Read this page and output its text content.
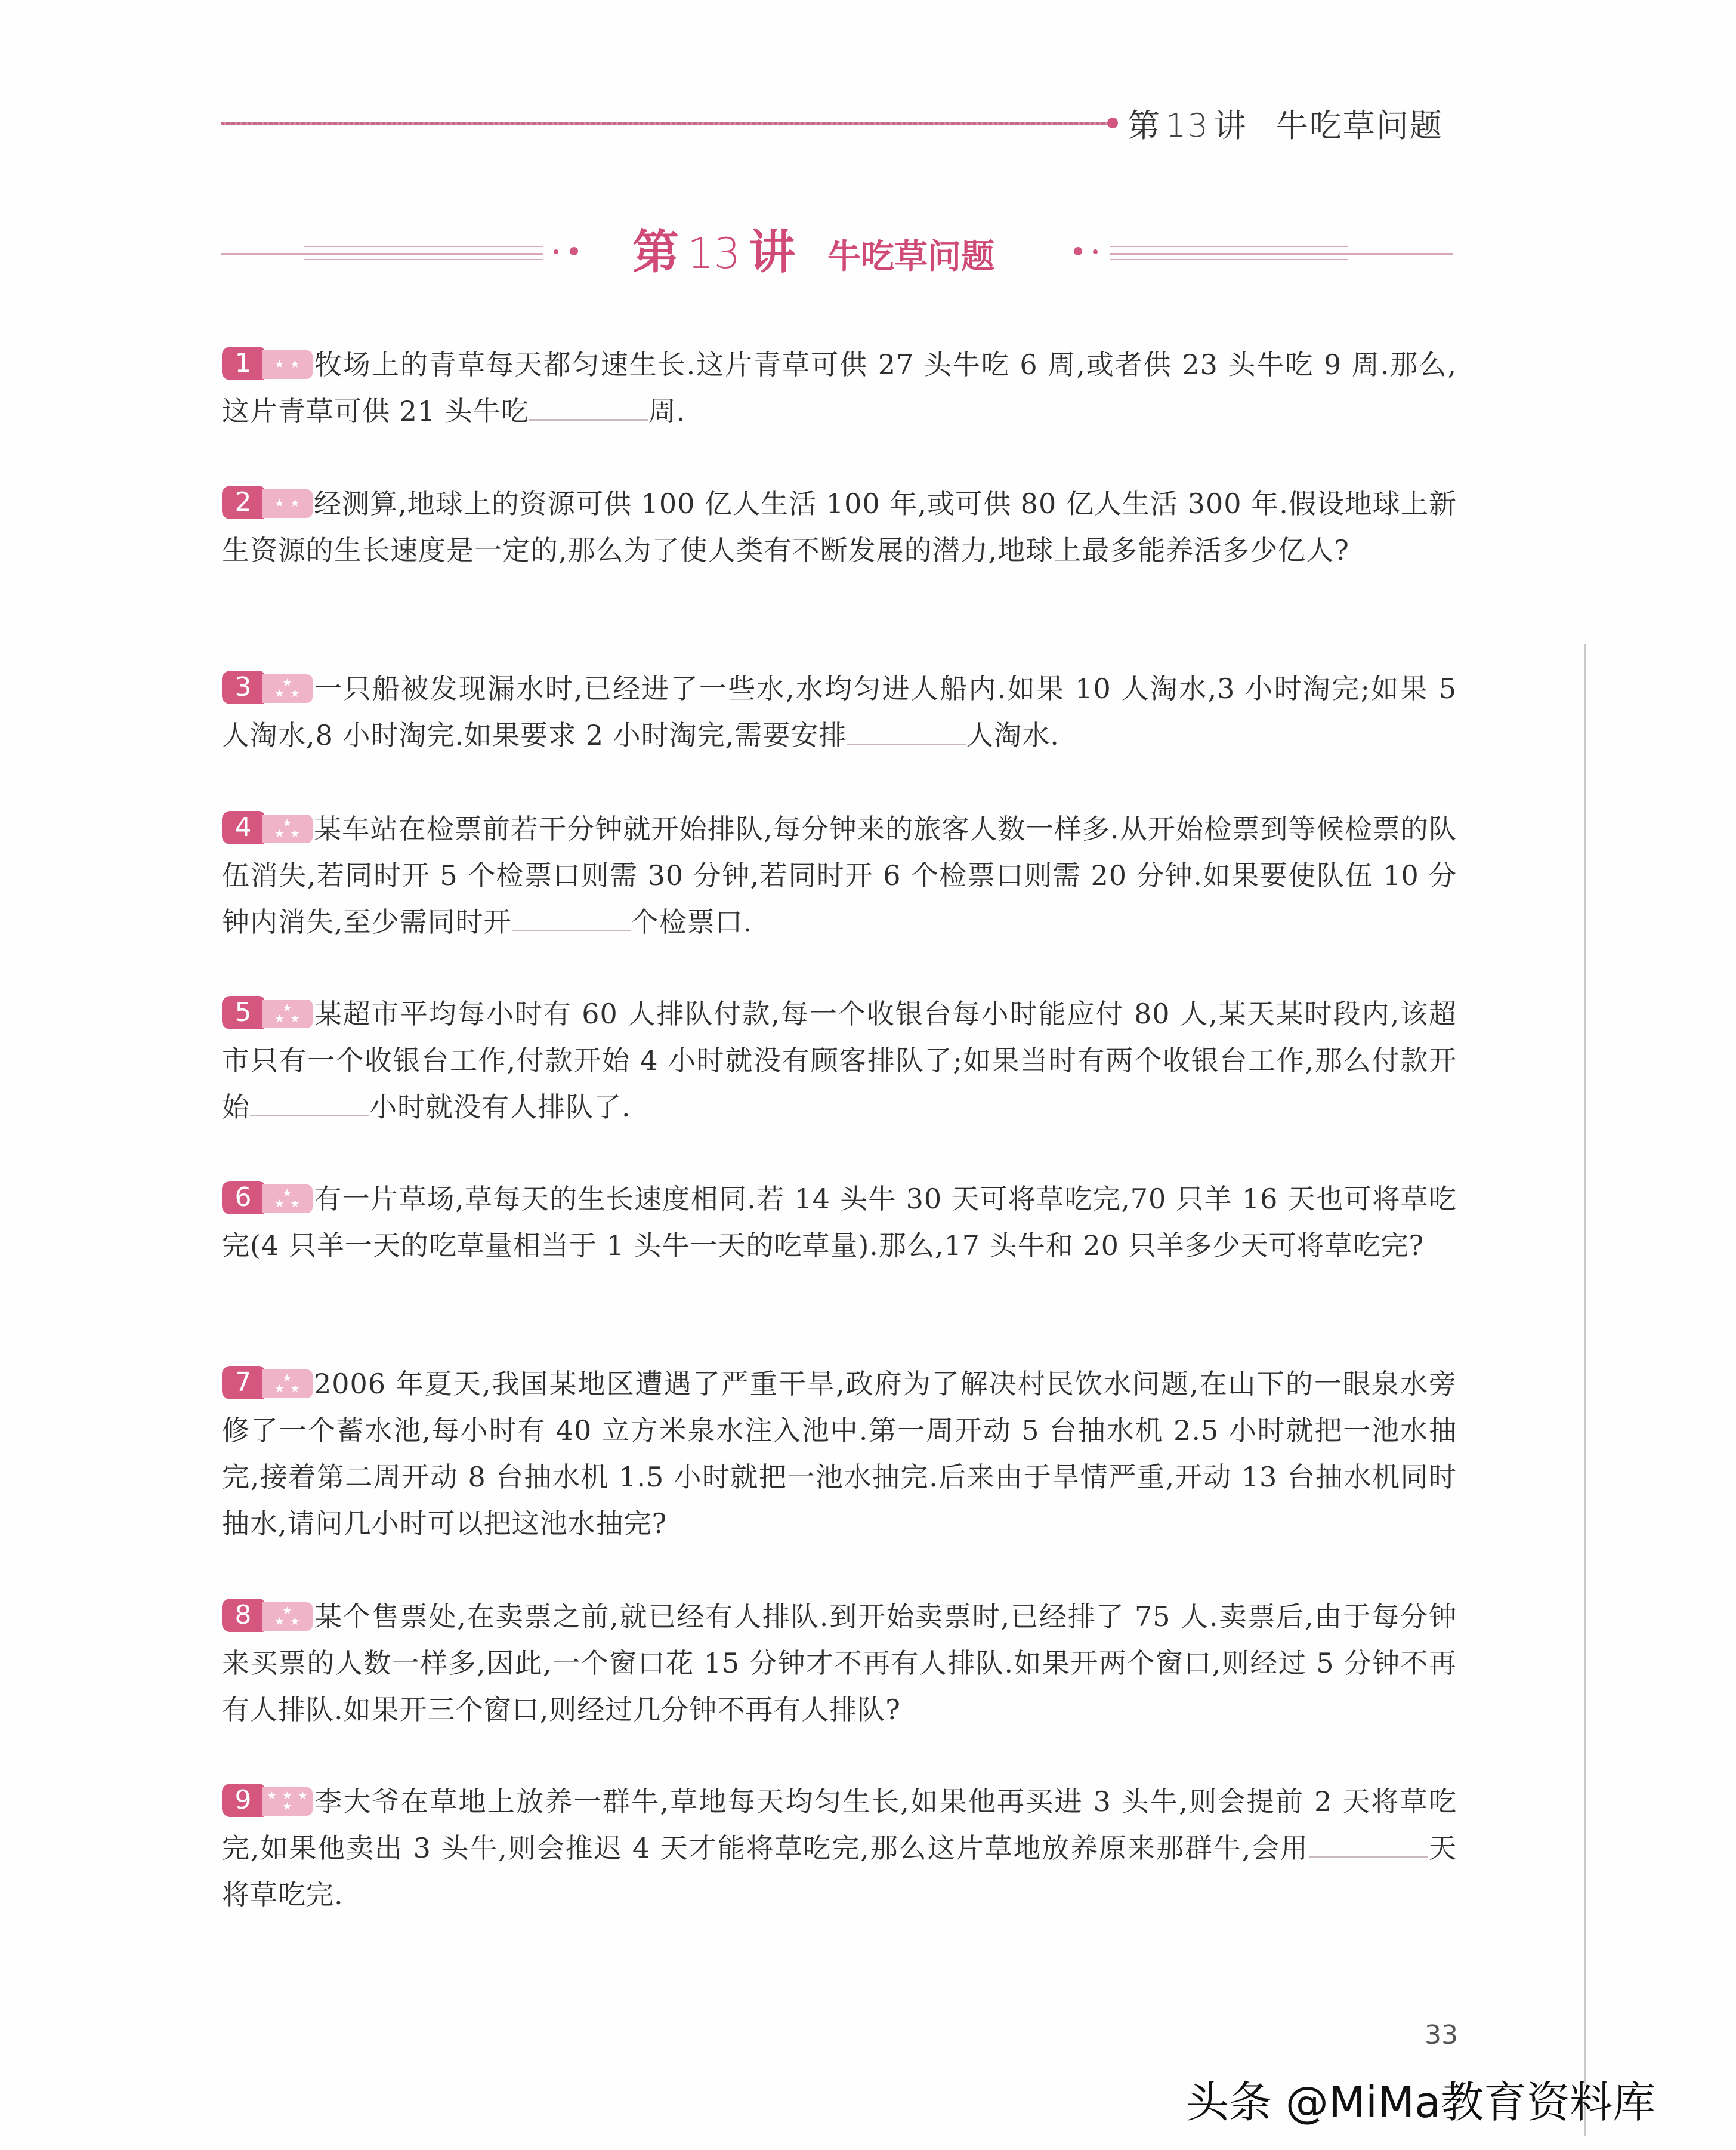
第 13 讲 牛吃草问题
第 13 讲 牛吃草问题
1	★ ★ 牧场上的青草每天都匀速生长.这片青草可供 27 头牛吃 6 周,或者供 23 头牛吃 9 周.那么,这片青草可供 21 头牛吃	周.
2	★ ★ 经测算,地球上的资源可供 100 亿人生活 100 年,或可供 80 亿人生活 300 年.假设地球上新生资源的生长速度是一定的,那么为了使人类有不断发展的潜力,地球上最多能养活多少亿人?
3	★
★ ★ 一只船被发现漏水时,已经进了一些水,水均匀进人船内.如果 10 人淘水,3 小时淘完;如果 5 人淘水,8 小时淘完.如果要求 2 小时淘完,需要安排	人淘水.
4	★
★ ★ 某车站在检票前若干分钟就开始排队,每分钟来的旅客人数一样多.从开始检票到等候检票的队伍消失,若同时开 5 个检票口则需 30 分钟,若同时开 6 个检票口则需 20 分钟.如果要使队伍 10 分钟内消失,至少需同时开	个检票口.
5	★
★ ★ 某超市平均每小时有 60 人排队付款,每一个收银台每小时能应付 80 人,某天某时段内,该超市只有一个收银台工作,付款开始 4 小时就没有顾客排队了;如果当时有两个收银台工作,那么付款开始	小时就没有人排队了.
6	★
★ ★ 有一片草场,草每天的生长速度相同.若 14 头牛 30 天可将草吃完,70 只羊 16 天也可将草吃完(4 只羊一天的吃草量相当于 1 头牛一天的吃草量).那么,17 头牛和 20 只羊多少天可将草吃完?
7	★
★ ★ 2006 年夏天,我国某地区遭遇了严重干旱,政府为了解决村民饮水问题,在山下的一眼泉水旁修了一个蓄水池,每小时有 40 立方米泉水注入池中.第一周开动 5 台抽水机 2.5 小时就把一池水抽完,接着第二周开动 8 台抽水机 1.5 小时就把一池水抽完.后来由于旱情严重,开动 13 台抽水机同时抽水,请问几小时可以把这池水抽完?
8	★
★ ★ 某个售票处,在卖票之前,就已经有人排队.到开始卖票时,已经排了 75 人.卖票后,由于每分钟来买票的人数一样多,因此,一个窗口花 15 分钟才不再有人排队.如果开两个窗口,则经过 5 分钟不再有人排队.如果开三个窗口,则经过几分钟不再有人排队?
9	★ ★ ★
★ 李大爷在草地上放养一群牛,草地每天均匀生长,如果他再买进 3 头牛,则会提前 2 天将草吃完,如果他卖出 3 头牛,则会推迟 4 天才能将草吃完,那么这片草地放养原来那群牛,会用	天将草吃完.
33
头条 @MiMa教育资料库
